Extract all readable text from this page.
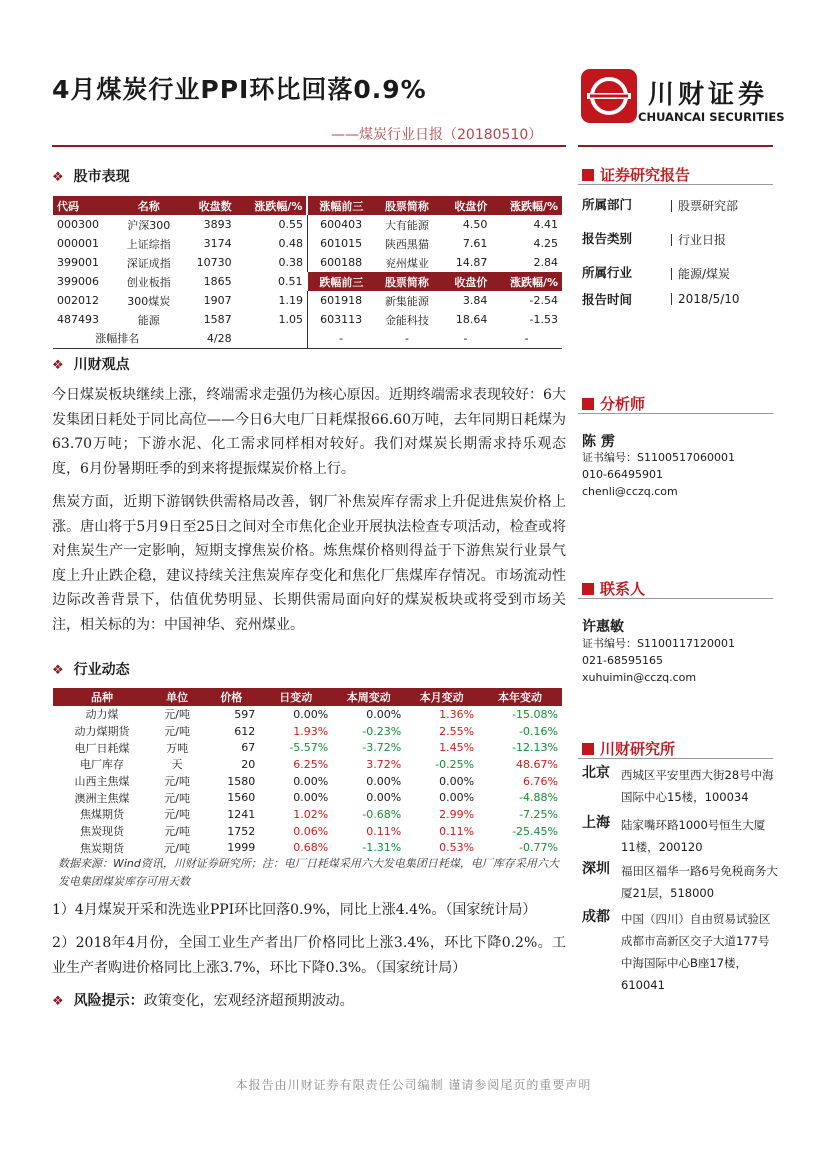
4月煤炭行业PPI环比回落0.9%	川财证券
CHUANCAI SECURITIES
——煤炭行业日报（20180510）
❖ 股市表现
代码	名称	收盘数	涨跌幅/%	涨幅前三	股票简称	收盘价	涨跌幅/%
000300	沪深300	3893	0.55	600403	大有能源	4.50	4.41
000001	上证综指	3174	0.48	601015	陕西黑猫	7.61	4.25
399001	深证成指	10730	0.38	600188	兖州煤业	14.87	2.84
399006	创业板指	1865	0.51	跌幅前三	股票简称	收盘价	涨跌幅/%
002012	300煤炭	1907	1.19	601918	新集能源	3.84	-2.54
487493	能源	1587	1.05	603113	金能科技	18.64	-1.53
涨幅排名		4/28		-	-	-	-

❖ 川财观点
今日煤炭板块继续上涨，终端需求走强仍为核心原因。近期终端需求表现较好：6大发集团日耗处于同比高位——今日6大电厂日耗煤报66.60万吨，去年同期日耗煤为63.70万吨；下游水泥、化工需求同样相对较好。我们对煤炭长期需求持乐观态度，6月份暑期旺季的到来将提振煤炭价格上行。
焦炭方面，近期下游钢铁供需格局改善，钢厂补焦炭库存需求上升促进焦炭价格上涨。唐山将于5月9日至25日之间对全市焦化企业开展执法检查专项活动，检查或将对焦炭生产一定影响，短期支撑焦炭价格。炼焦煤价格则得益于下游焦炭行业景气度上升止跌企稳，建议持续关注焦炭库存变化和焦化厂焦煤库存情况。市场流动性边际改善背景下，估值优势明显、长期供需局面向好的煤炭板块或将受到市场关注，相关标的为：中国神华、兖州煤业。
❖ 行业动态
品种	单位	价格	日变动	本周变动	本月变动	本年变动
动力煤	元/吨	597	0.00%	0.00%	1.36%	-15.08%
动力煤期货	元/吨	612	1.93%	-0.23%	2.55%	-0.16%
电厂日耗煤	万吨	67	-5.57%	-3.72%	1.45%	-12.13%
电厂库存	天	20	6.25%	3.72%	-0.25%	48.67%
山西主焦煤	元/吨	1580	0.00%	0.00%	0.00%	6.76%
澳洲主焦煤	元/吨	1560	0.00%	0.00%	0.00%	-4.88%
焦煤期货	元/吨	1241	1.02%	-0.68%	2.99%	-7.25%
焦炭现货	元/吨	1752	0.06%	0.11%	0.11%	-25.45%
焦炭期货	元/吨	1999	0.68%	-1.31%	0.53%	-0.77%
数据来源：Wind资讯，川财证券研究所；注：电厂日耗煤采用六大发电集团日耗煤，电厂库存采用六大发电集团煤炭库存可用天数
1）4月煤炭开采和洗选业PPI环比回落0.9%，同比上涨4.4%。（国家统计局）
2）2018年4月份，全国工业生产者出厂价格同比上涨3.4%，环比下降0.2%。工业生产者购进价格同比上涨3.7%，环比下降0.3%。（国家统计局）
❖ 风险提示：政策变化，宏观经济超预期波动。
证券研究报告
所属部门	股票研究部
报告类别	行业日报
所属行业	能源/煤炭
报告时间	2018/5/10
分析师
陈 雳
证书编号：S1100517060001
010-66495901
chenli@cczq.com
联系人
许惠敏
证书编号：S1100117120001
021-68595165
xuhuimin@cczq.com
川财研究所
北京 西城区平安里西大街28号中海国际中心15楼，100034
上海 陆家嘴环路1000号恒生大厦11楼，200120
深圳 福田区福华一路6号免税商务大厦21层，518000
成都 中国（四川）自由贸易试验区成都市高新区交子大道177号中海国际中心B座17楼，610041
本报告由川财证券有限责任公司编制 谨请参阅尾页的重要声明
